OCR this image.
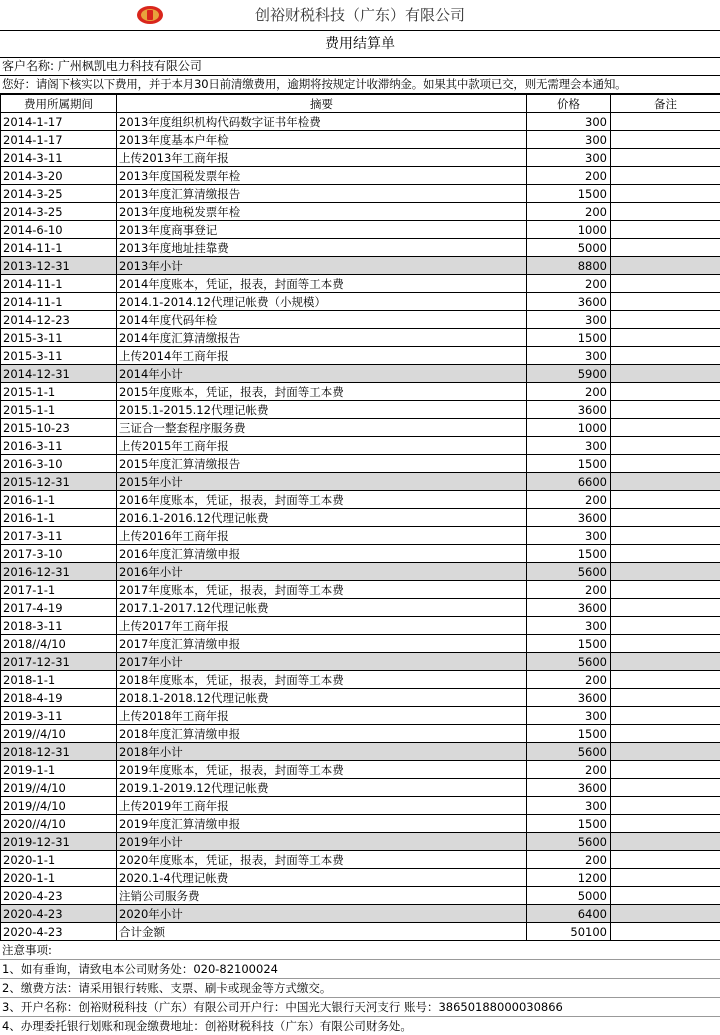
创裕财税科技（广东）有限公司
费用结算单
客户名称: 广州枫凯电力科技有限公司
您好：请阁下核实以下费用，并于本月30日前清缴费用，逾期将按规定计收滞纳金。如果其中款项已交，则无需理会本通知。
费用所属期间	摘要	价格	备注
2014-1-17	2013年度组织机构代码数字证书年检费	300	
2014-1-17	2013年度基本户年检	300	
2014-3-11	上传2013年工商年报	300	
2014-3-20	2013年度国税发票年检	200	
2014-3-25	2013年度汇算清缴报告	1500	
2014-3-25	2013年度地税发票年检	200	
2014-6-10	2013年度商事登记	1000	
2014-11-1	2013年度地址挂靠费	5000	
2013-12-31	2013年小计	8800	
2014-11-1	2014年度账本，凭证，报表，封面等工本费	200	
2014-11-1	2014.1-2014.12代理记帐费（小规模）	3600	
2014-12-23	2014年度代码年检	300	
2015-3-11	2014年度汇算清缴报告	1500	
2015-3-11	上传2014年工商年报	300	
2014-12-31	2014年小计	5900	
2015-1-1	2015年度账本，凭证，报表，封面等工本费	200	
2015-1-1	2015.1-2015.12代理记帐费	3600	
2015-10-23	三证合一整套程序服务费	1000	
2016-3-11	上传2015年工商年报	300	
2016-3-10	2015年度汇算清缴报告	1500	
2015-12-31	2015年小计	6600	
2016-1-1	2016年度账本，凭证，报表，封面等工本费	200	
2016-1-1	2016.1-2016.12代理记帐费	3600	
2017-3-11	上传2016年工商年报	300	
2017-3-10	2016年度汇算清缴申报	1500	
2016-12-31	2016年小计	5600	
2017-1-1	2017年度账本，凭证，报表，封面等工本费	200	
2017-4-19	2017.1-2017.12代理记帐费	3600	
2018-3-11	上传2017年工商年报	300	
2018//4/10	2017年度汇算清缴申报	1500	
2017-12-31	2017年小计	5600	
2018-1-1	2018年度账本，凭证，报表，封面等工本费	200	
2018-4-19	2018.1-2018.12代理记帐费	3600	
2019-3-11	上传2018年工商年报	300	
2019//4/10	2018年度汇算清缴申报	1500	
2018-12-31	2018年小计	5600	
2019-1-1	2019年度账本，凭证，报表，封面等工本费	200	
2019//4/10	2019.1-2019.12代理记帐费	3600	
2019//4/10	上传2019年工商年报	300	
2020//4/10	2019年度汇算清缴申报	1500	
2019-12-31	2019年小计	5600	
2020-1-1	2020年度账本，凭证，报表，封面等工本费	200	
2020-1-1	2020.1-4代理记帐费	1200	
2020-4-23	注销公司服务费	5000	
2020-4-23	2020年小计	6400	
2020-4-23	合计金额	50100	
注意事项:
1、如有垂询，请致电本公司财务处：020-82100024
2、缴费方法：请采用银行转账、支票、刷卡或现金等方式缴交。
3、开户名称：创裕财税科技（广东）有限公司开户行：中国光大银行天河支行 账号：38650188000030866
4、办理委托银行划账和现金缴费地址：创裕财税科技（广东）有限公司财务处。
